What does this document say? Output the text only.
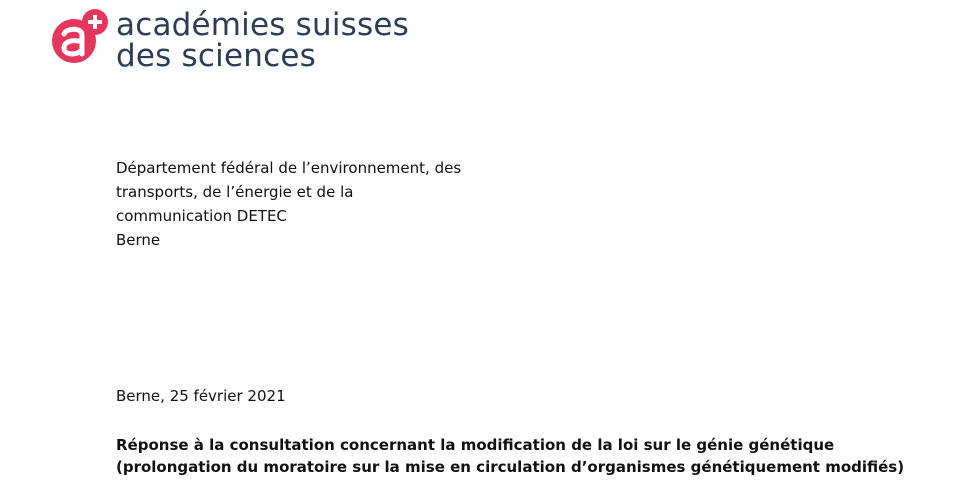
académies suisses
des sciences
Département fédéral de l’environnement, des
transports, de l’énergie et de la
communication DETEC
Berne
Berne, 25 février 2021
Réponse à la consultation concernant la modification de la loi sur le génie génétique
(prolongation du moratoire sur la mise en circulation d’organismes génétiquement modifiés)
